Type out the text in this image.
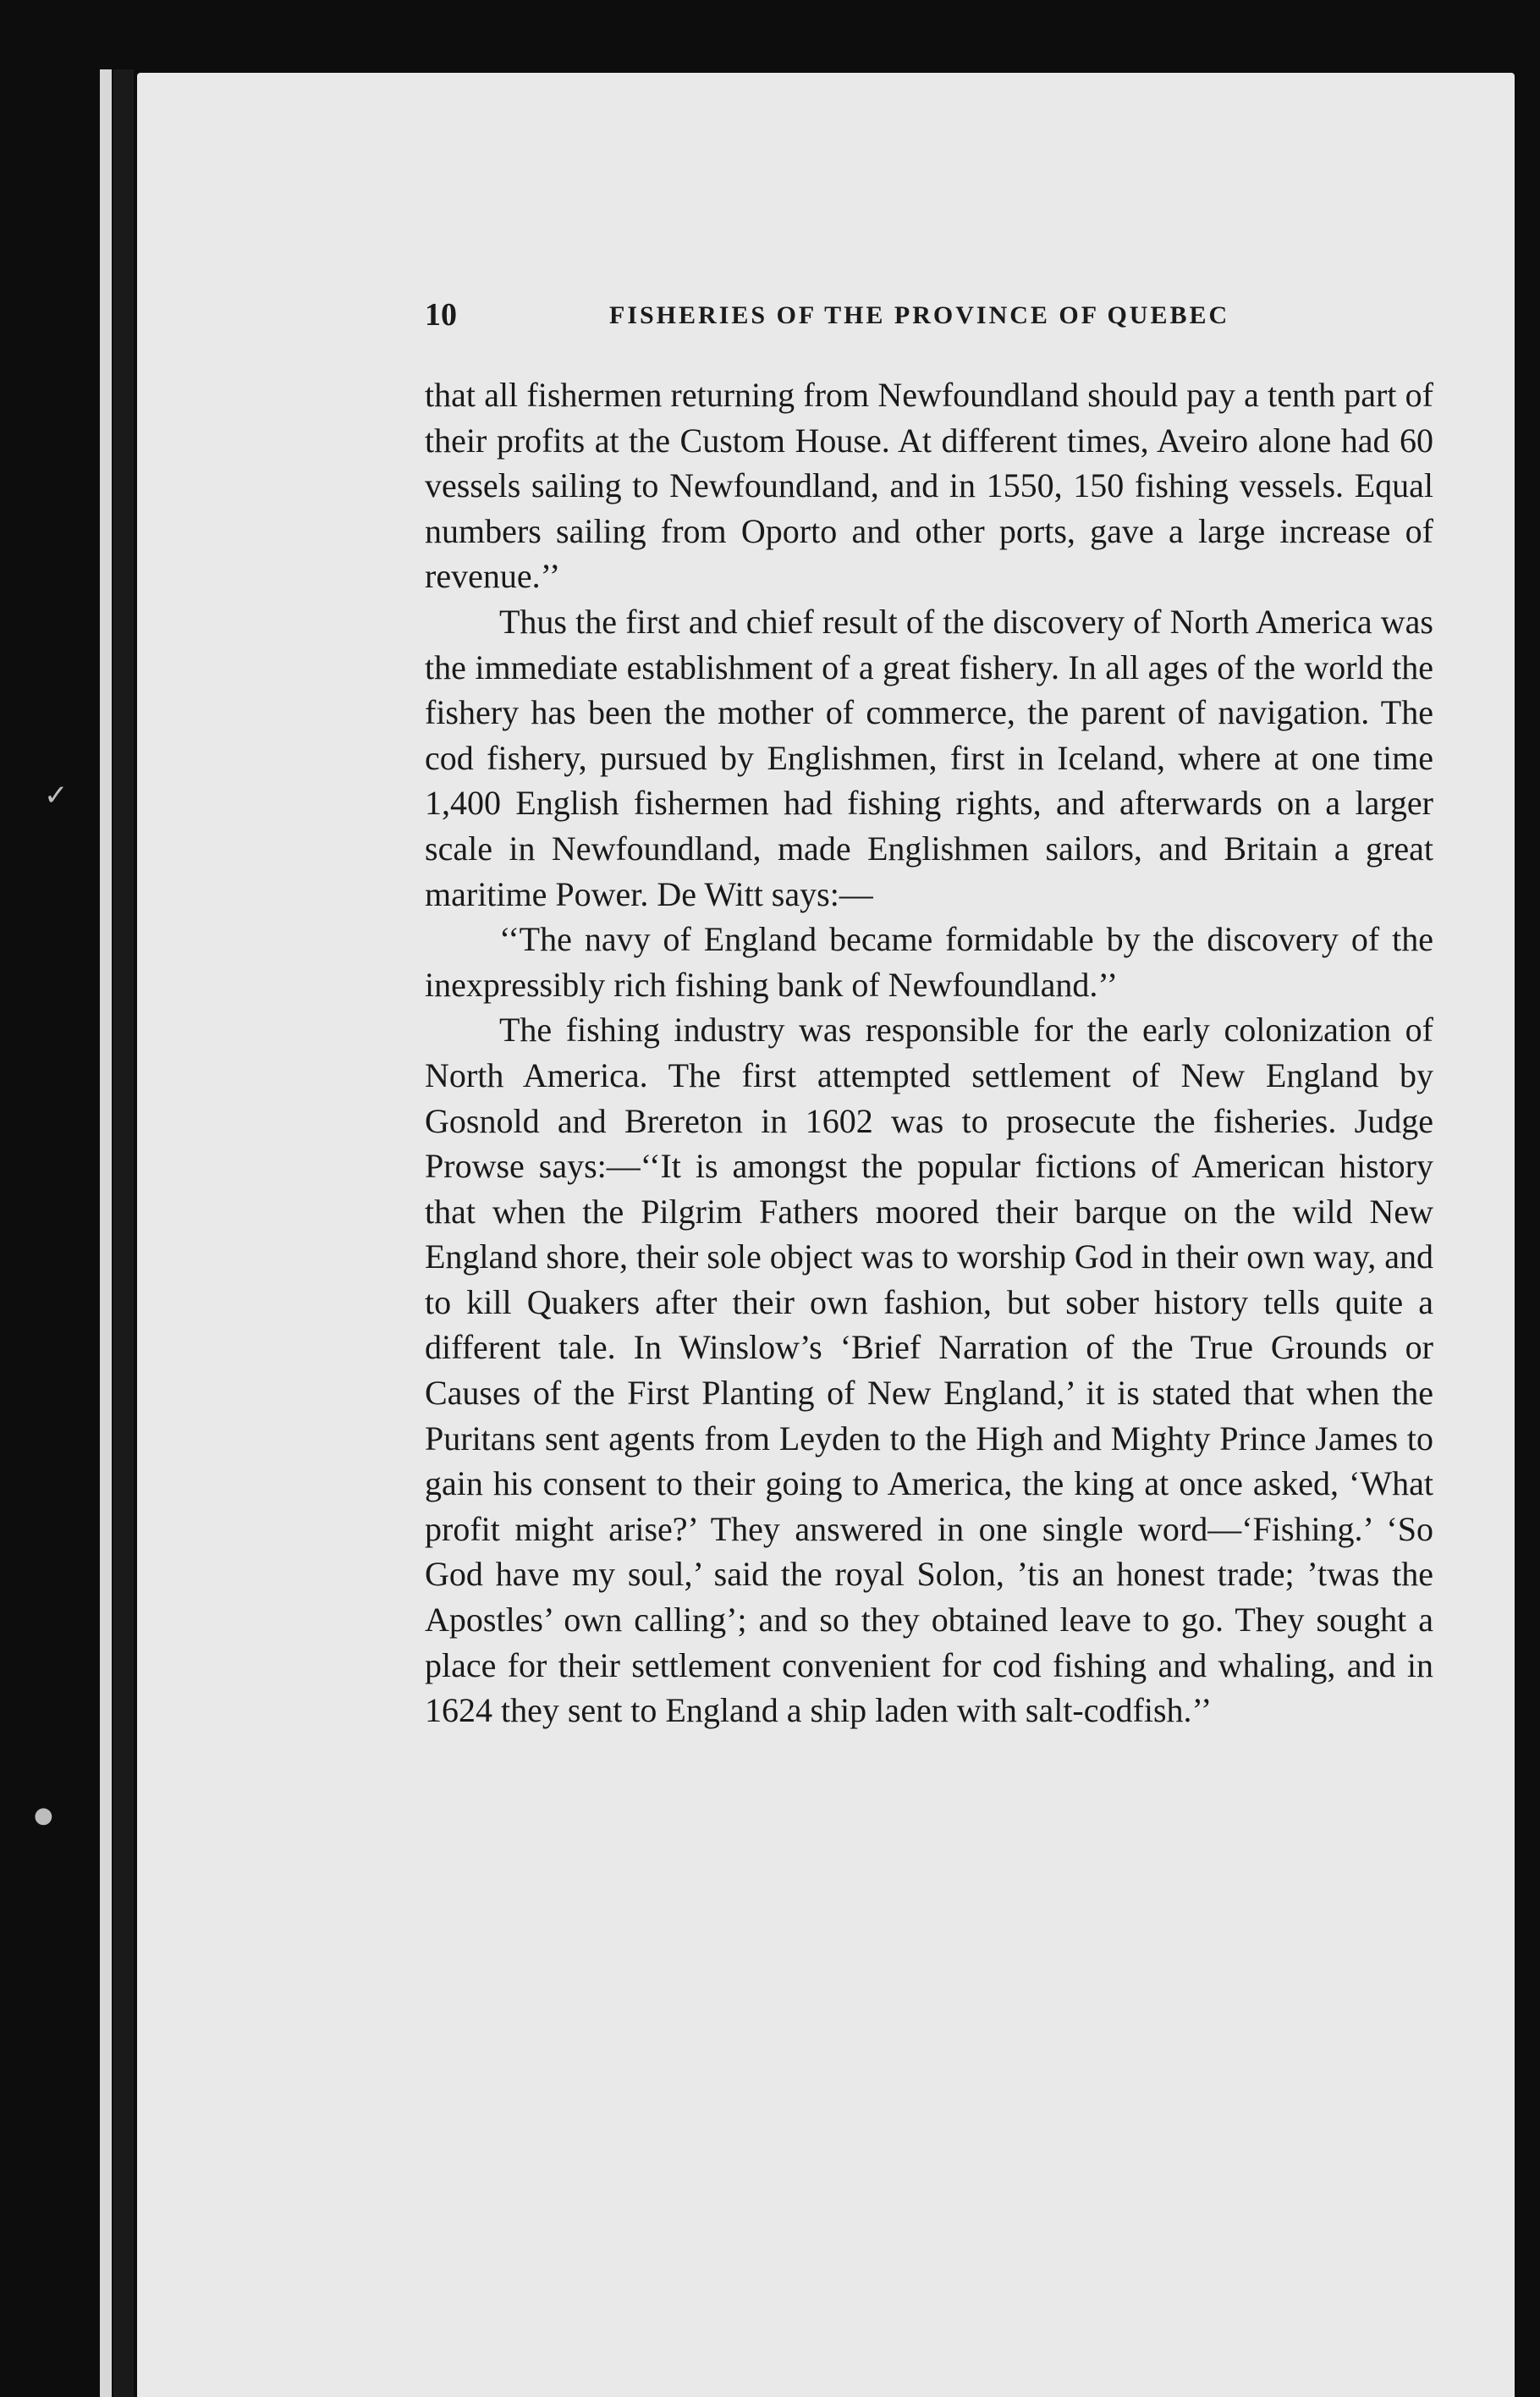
✓
●
10	FISHERIES OF THE PROVINCE OF QUEBEC

that all fishermen returning from Newfoundland should pay a tenth part of their profits at the Custom House. At different times, Aveiro alone had 60 vessels sailing to Newfoundland, and in 1550, 150 fishing vessels. Equal numbers sailing from Oporto and other ports, gave a large increase of revenue.’’

Thus the first and chief result of the discovery of North America was the immediate establishment of a great fishery. In all ages of the world the fishery has been the mother of commerce, the parent of navigation. The cod fishery, pursued by Englishmen, first in Iceland, where at one time 1,400 English fishermen had fishing rights, and afterwards on a larger scale in Newfoundland, made Englishmen sailors, and Britain a great maritime Power. De Witt says:—

‘‘The navy of England became formidable by the discovery of the inexpressibly rich fishing bank of Newfoundland.’’

The fishing industry was responsible for the early colonization of North America. The first attempted settlement of New England by Gosnold and Brereton in 1602 was to prosecute the fisheries. Judge Prowse says:—‘‘It is amongst the popular fictions of American history that when the Pilgrim Fathers moored their barque on the wild New England shore, their sole object was to worship God in their own way, and to kill Quakers after their own fashion, but sober history tells quite a different tale. In Winslow’s ‘Brief Narration of the True Grounds or Causes of the First Planting of New England,’ it is stated that when the Puritans sent agents from Leyden to the High and Mighty Prince James to gain his consent to their going to America, the king at once asked, ‘What profit might arise?’ They answered in one single word—‘Fishing.’ ‘So God have my soul,’ said the royal Solon, ’tis an honest trade; ’twas the Apostles’ own calling’; and so they obtained leave to go. They sought a place for their settlement convenient for cod fishing and whaling, and in 1624 they sent to England a ship laden with salt-codfish.’’
